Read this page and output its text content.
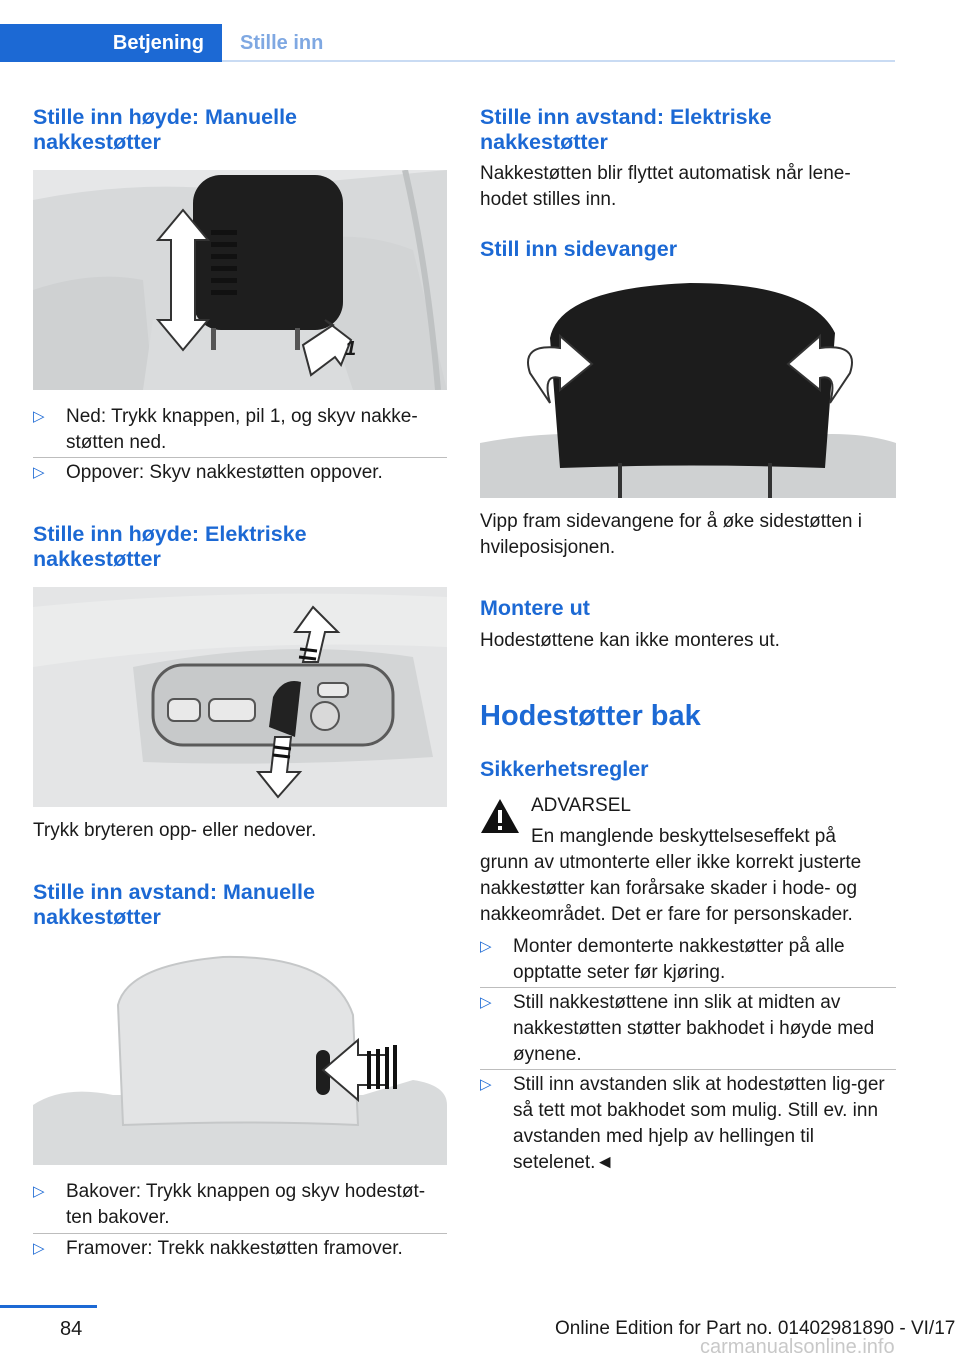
Betjening	Stille inn
Stille inn høyde: Manuelle nakkestøtter
1
▷ Ned: Trykk knappen, pil 1, og skyv nakke-støtten ned.
▷ Oppover: Skyv nakkestøtten oppover.
Stille inn høyde: Elektriske nakkestøtter

Trykk bryteren opp- eller nedover.

Stille inn avstand: Manuelle nakkestøtter
▷ Bakover: Trykk knappen og skyv hodestøt-ten bakover.
▷ Framover: Trekk nakkestøtten framover.
Stille inn avstand: Elektriske nakkestøtter

Nakkestøtten blir flyttet automatisk når lene-hodet stilles inn.

Still inn sidevanger

Vipp fram sidevangene for å øke sidestøtten i hvileposisjonen.

Montere ut

Hodestøttene kan ikke monteres ut.

Hodestøtter bak
Sikkerhetsregler

ADVARSEL

En manglende beskyttelseseffekt på

grunn av utmonterte eller ikke korrekt justerte nakkestøtter kan forårsake skader i hode- og nakkeområdet. Det er fare for personskader.

▷ Monter demonterte nakkestøtter på alle opptatte seter før kjøring.
▷ Still nakkestøttene inn slik at midten av nakkestøtten støtter bakhodet i høyde med øynene.
▷ Still inn avstanden slik at hodestøtten lig-ger så tett mot bakhodet som mulig. Still ev. inn avstanden med hjelp av hellingen til setelenet.◄
84	Online Edition for Part no. 01402981890 - VI/17
carmanualsonline.info
